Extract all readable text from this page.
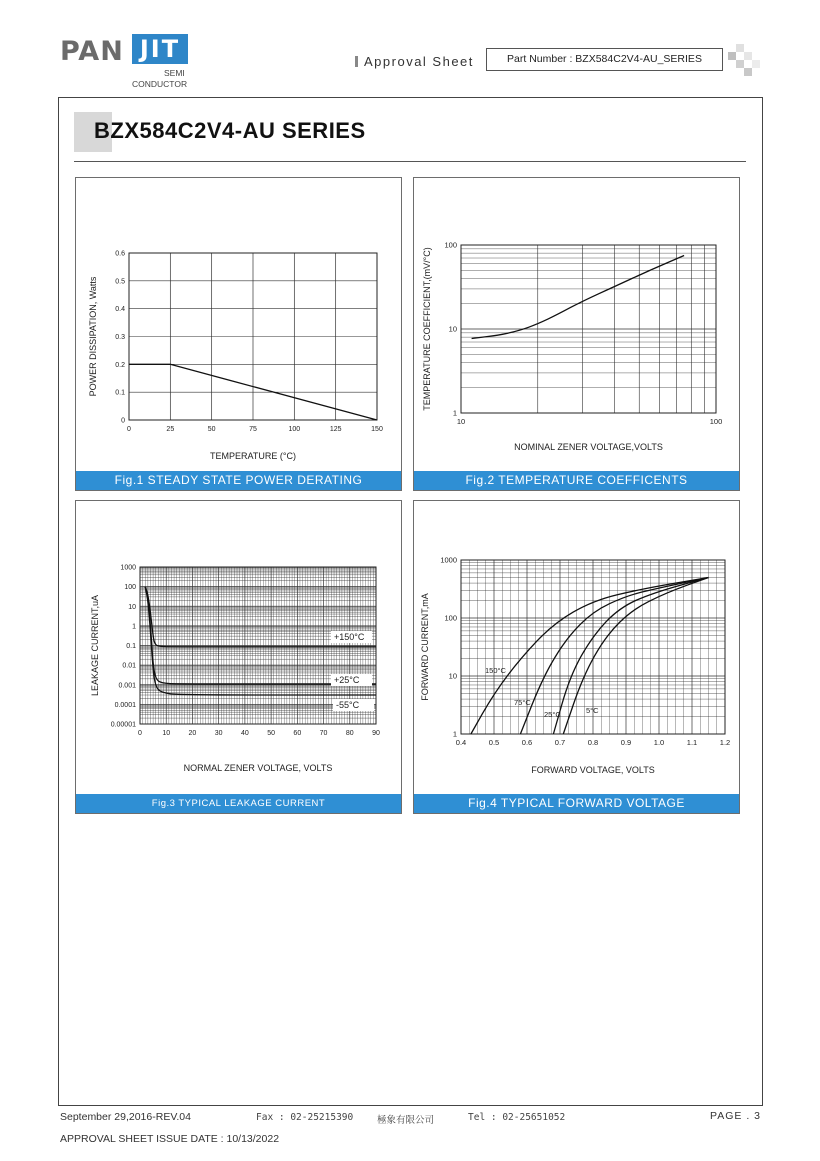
PAN JIT
SEMI
CONDUCTOR
Approval Sheet	Part Number : BZX584C2V4-AU_SERIES
BZX584C2V4-AU SERIES
0	25	50	75	100	125	150
0
0.1
0.2
0.3
0.4
0.5
0.6
TEMPERATURE (°C)
POWER DISSIPATION, Watts
Fig.1 STEADY STATE POWER DERATING
10	100
1
10
100
NOMINAL ZENER VOLTAGE,VOLTS
TEMPERATURE COEFFICIENT,(mV/°C)
Fig.2 TEMPERATURE COEFFICENTS
0	10	20	30	40	50	60	70	80	90
0.00001
0.0001
0.001
0.01
0.1
1
10
100
1000
NORMAL ZENER VOLTAGE, VOLTS
LEAKAGE CURRENT,uA	+150°C
+25°C
-55°C
Fig.3 TYPICAL LEAKAGE CURRENT
0.4	0.5	0.6	0.7	0.8	0.9	1.0	1.1	1.2
1
10
100
1000
FORWARD VOLTAGE, VOLTS
FORWARD CURRENT,mA	150°C
75°C
25°C	5°C
Fig.4 TYPICAL FORWARD VOLTAGE
September 29,2016-REV.04	Fax : 02-25215390	極象有限公司	Tel : 02-25651052	PAGE . 3
APPROVAL SHEET ISSUE DATE : 10/13/2022
